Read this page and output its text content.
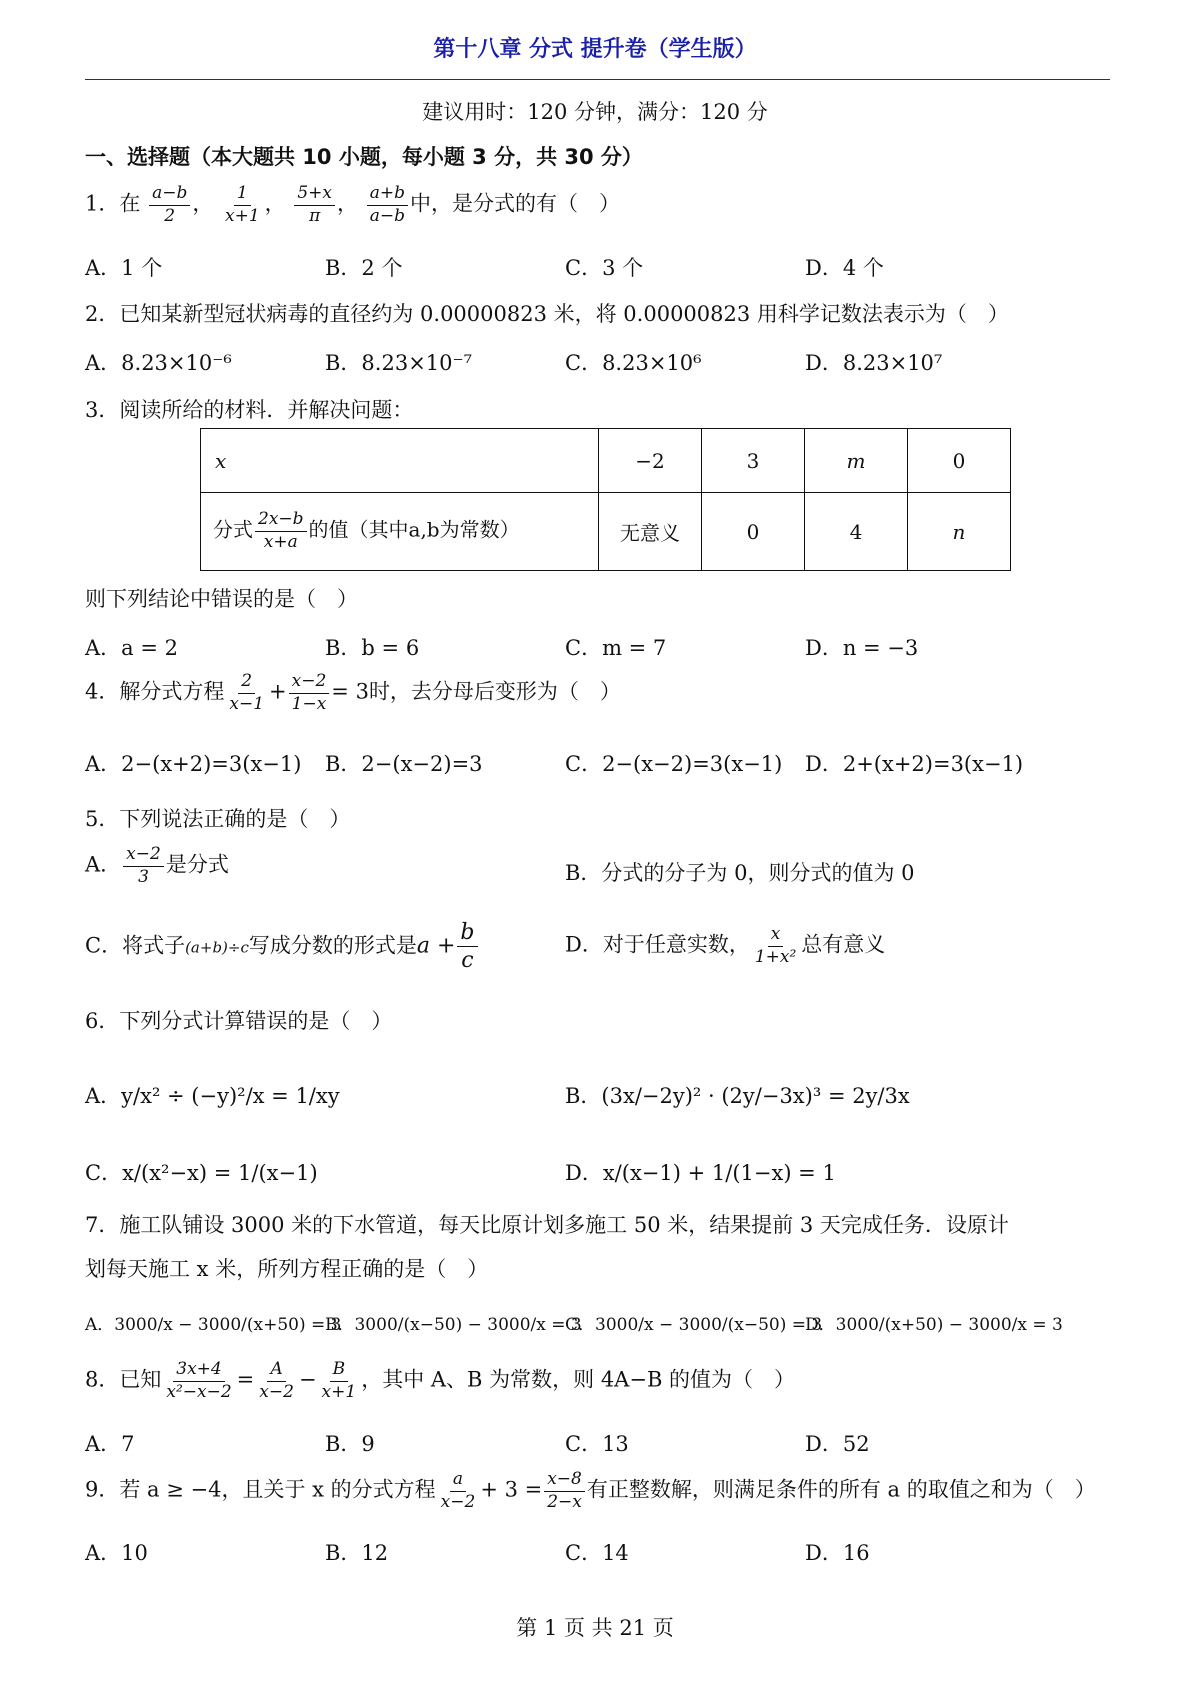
第十八章 分式 提升卷（学生版）
建议用时：120 分钟，满分：120 分
一、选择题（本大题共 10 小题，每小题 3 分，共 30 分）
1．在 $\frac{a-b}{2}$ ， $\frac{1}{x+1}$ ， $\frac{5+x}{\pi}$ ， $\frac{a+b}{a-b}$ 中，是分式的有（　）
A．1 个	B．2 个	C．3 个	D．4 个
2．已知某新型冠状病毒的直径约为 0.00000823 米，将 0.00000823 用科学记数法表示为（　）
A．8.23×10⁻⁶	B．8.23×10⁻⁷	C．8.23×10⁶	D．8.23×10⁷
3．阅读所给的材料．并解决问题：
x	−2	3	m	0
分式 $\frac{2x-b}{x+a}$ 的值（其中a,b为常数）	无意义	0	4	n
则下列结论中错误的是（　）
A．a = 2	B．b = 6	C．m = 7	D．n = −3
4．解分式方程 $\frac{2}{x-1} + \frac{x-2}{1-x} = 3$时，去分母后变形为（　）
A．2−(x+2)=3(x−1) B．2−(x−2)=3	C．2−(x−2)=3(x−1) D．2+(x+2)=3(x−1)
5．下列说法正确的是（　）
A． $\frac{x-2}{3}$ 是分式	B．分式的分子为 0，则分式的值为 0
C．将式子(a+b)÷c写成分数的形式是$a + \frac{b}{c}$	D．对于任意实数， $\frac{x}{\text{1+x²}}$ 总有意义
6．下列分式计算错误的是（　）
A．y/x² ÷ (−y)²/x = 1/xy	B．(3x/−2y)² · (2y/−3x)³ = 2y/3x
C．x/(x²−x) = 1/(x−1)	D．x/(x−1) + 1/(1−x) = 1
7．施工队铺设 3000 米的下水管道，每天比原计划多施工 50 米，结果提前 3 天完成任务．设原计
划每天施工 x 米，所列方程正确的是（　）
A．3000/x − 3000/(x+50) = 3
B．3000/(x−50) − 3000/x = 3
C．3000/x − 3000/(x−50) = 3
D．3000/(x+50) − 3000/x = 3
8．已知 $\frac{3x+4}{\text{x²−x−2}} = \frac{A}{x-2} - \frac{B}{x+1}$ ，其中 A、B 为常数，则 4A−B 的值为（　）
A．7	B．9	C．13	D．52
9．若 a ≥ −4，且关于 x 的分式方程 $\frac{a}{x-2} + 3 = \frac{x-8}{2-x}$ 有正整数解，则满足条件的所有 a 的取值之和为（　）
A．10	B．12	C．14	D．16
第 1 页 共 21 页
